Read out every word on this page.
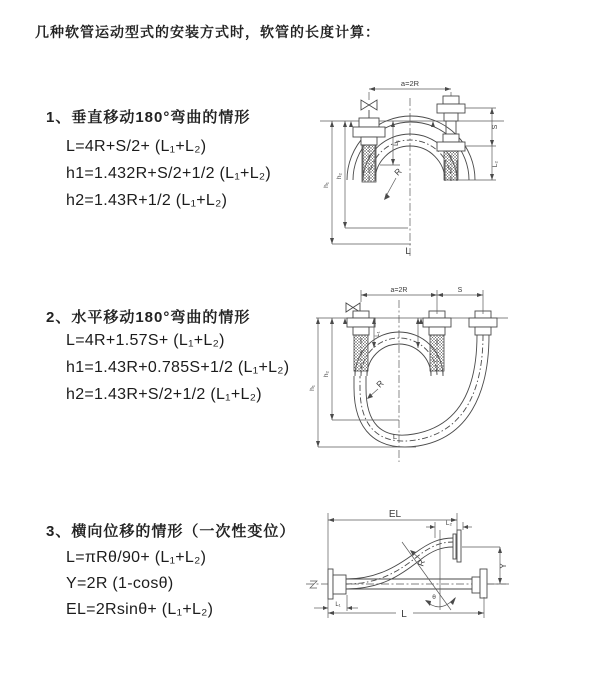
几种软管运动型式的安装方式时，软管的长度计算：
1、垂直移动180°弯曲的情形
L=4R+S/2+ (L₁+L₂)
h1=1.432R+S/2+1/2 (L₁+L₂)
h2=1.43R+1/2 (L₁+L₂)
2、水平移动180°弯曲的情形
L=4R+1.57S+ (L₁+L₂)
h1=1.43R+0.785S+1/2 (L₁+L₂)
h2=1.43R+S/2+1/2 (L₁+L₂)
3、横向位移的情形（一次性变位）
L=πRθ/90+ (L₁+L₂)
Y=2R (1-cosθ)
EL=2Rsinθ+ (L₁+L₂)
a=2R
S
L₂
h₁
h₂
L₁
R
L
a=2R	S
h₁
h₂
L₁
R
L
EL
L₂
Y
θ
R
L
L₁
